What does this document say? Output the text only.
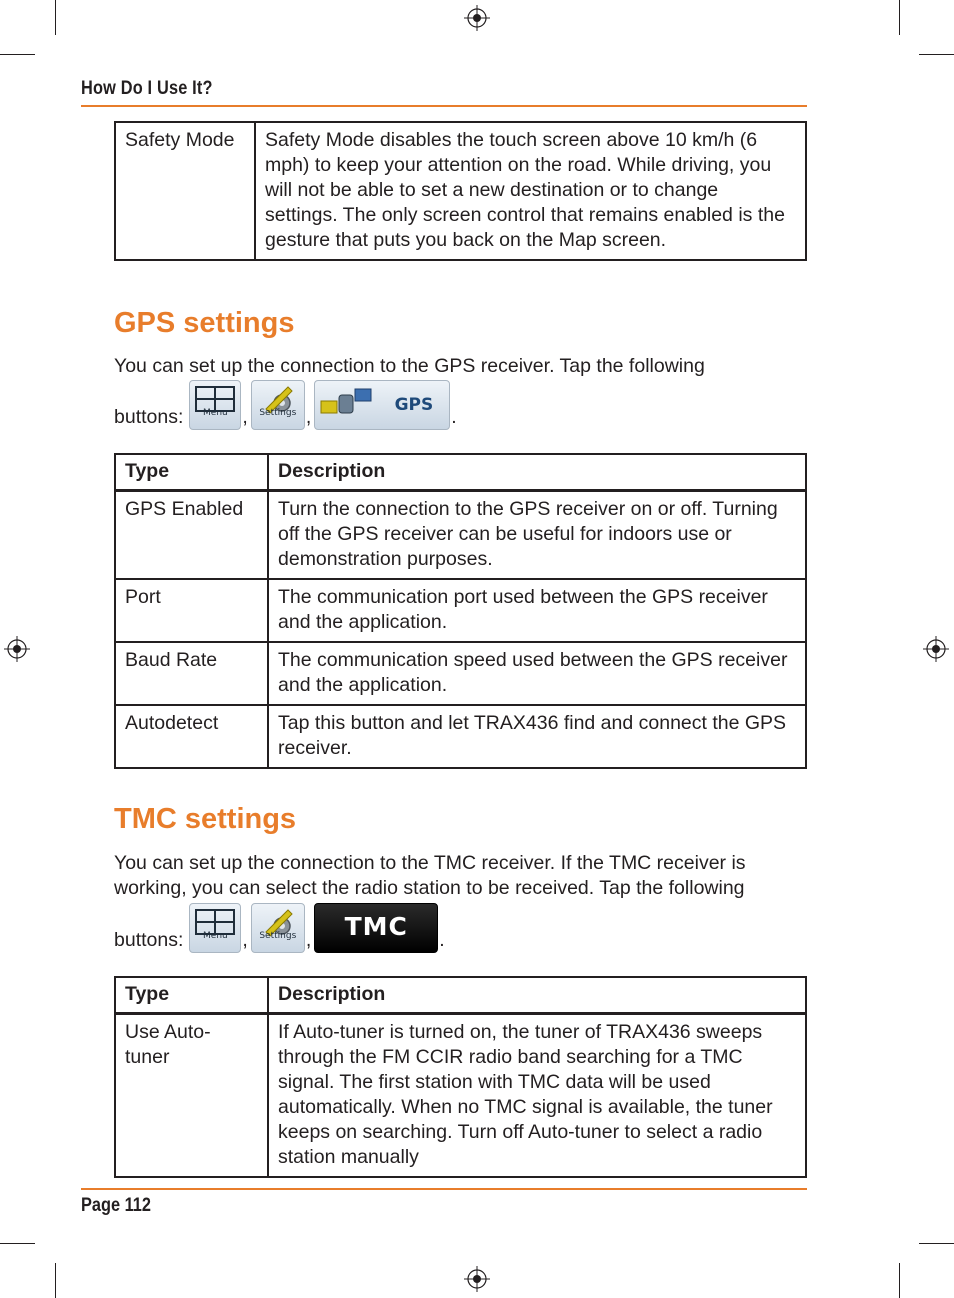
How Do I Use It?
Safety Mode	Safety Mode disables the touch screen above 10 km/h (6 mph) to keep your attention on the road. While driving, you will not be able to set a new destination or to change settings. The only screen control that remains enabled is the gesture that puts you back on the Map screen.
GPS settings

You can set up the connection to the GPS receiver. Tap the following

buttons:	Menu ,	Settings ,
GPS
.
Type	Description
GPS Enabled	Turn the connection to the GPS receiver on or off. Turning off the GPS receiver can be useful for indoors use or demonstration purposes.
Port	The communication port used between the GPS receiver and the application.
Baud Rate	The communication speed used between the GPS receiver and the application.
Autodetect	Tap this button and let TRAX436 find and connect the GPS receiver.
TMC settings

You can set up the connection to the TMC receiver. If the TMC receiver is working, you can select the radio station to be received. Tap the following

buttons:	Menu ,	Settings ,	TMC	.
Type	Description
Use Auto-tuner	If Auto-tuner is turned on, the tuner of TRAX436 sweeps through the FM CCIR radio band searching for a TMC signal. The first station with TMC data will be used automatically. When no TMC signal is available, the tuner keeps on searching. Turn off Auto-tuner to select a radio station manually
Page 112
